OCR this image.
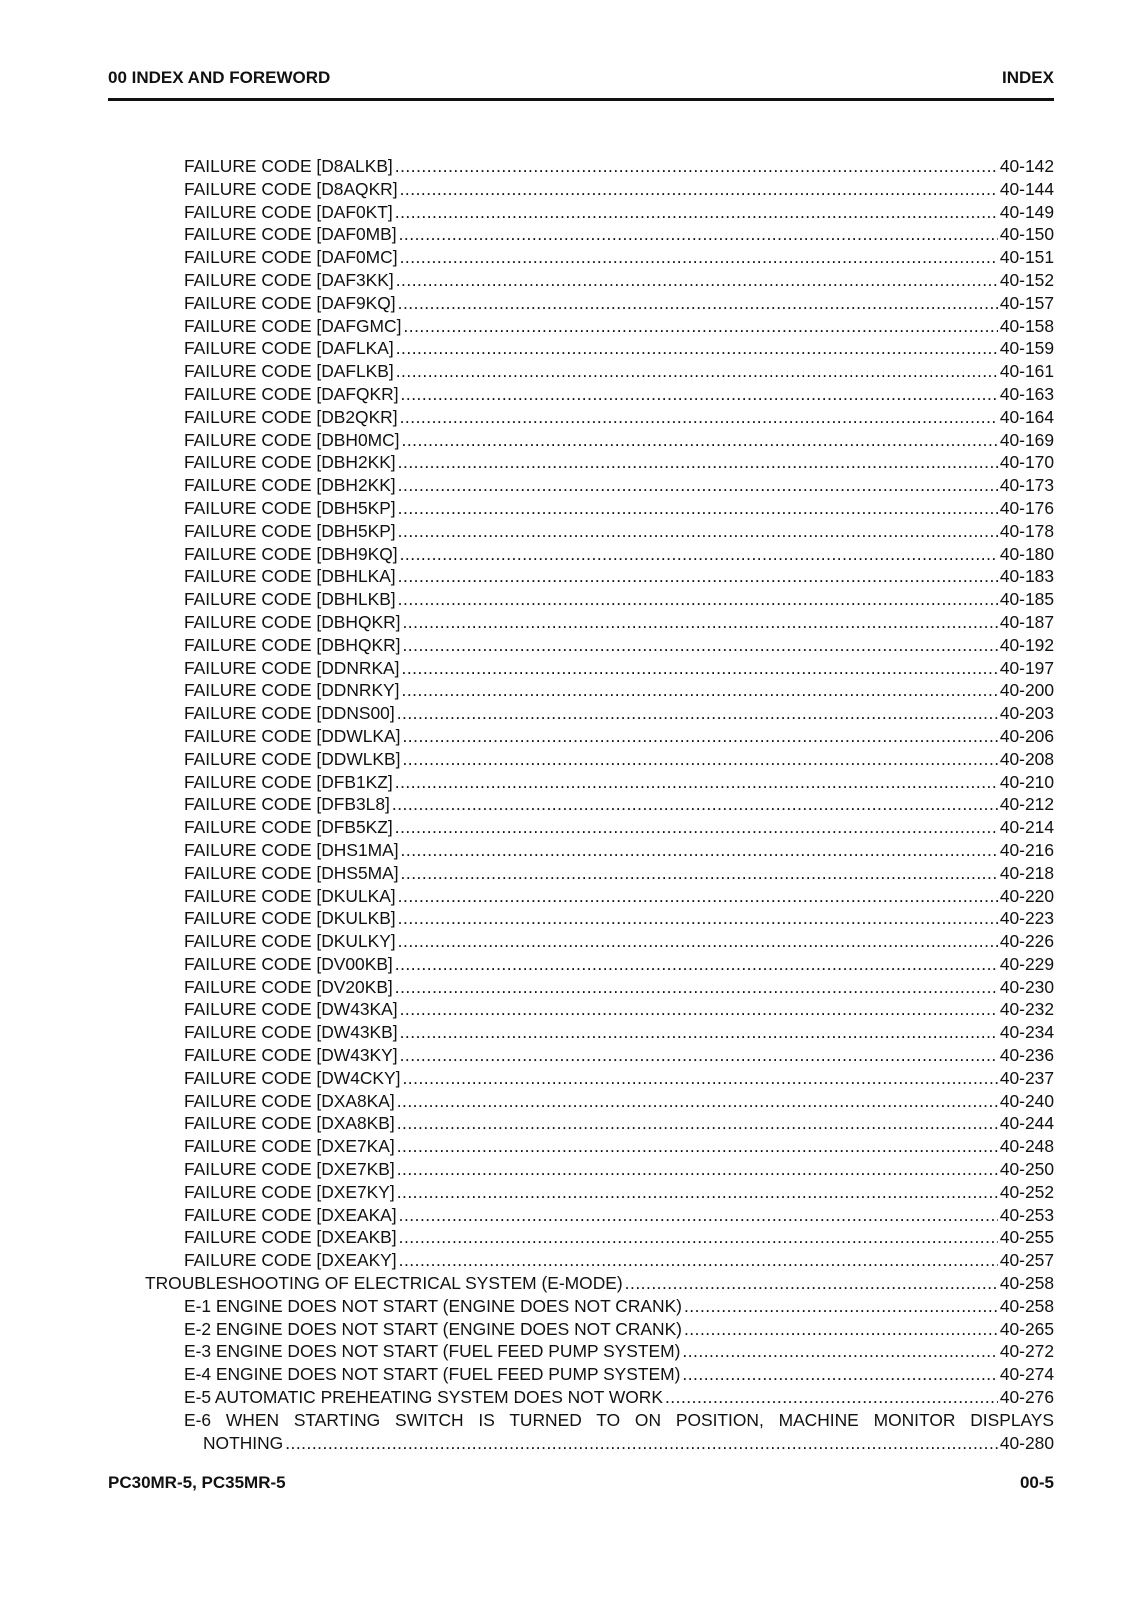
00 INDEX AND FOREWORD	INDEX
FAILURE CODE [D8ALKB] .....	40-142
FAILURE CODE [D8AQKR] .....	40-144
FAILURE CODE [DAF0KT] .....	40-149
FAILURE CODE [DAF0MB] .....	40-150
FAILURE CODE [DAF0MC] .....	40-151
FAILURE CODE [DAF3KK] .....	40-152
FAILURE CODE [DAF9KQ] .....	40-157
FAILURE CODE [DAFGMC] .....	40-158
FAILURE CODE [DAFLKA] .....	40-159
FAILURE CODE [DAFLKB] .....	40-161
FAILURE CODE [DAFQKR] .....	40-163
FAILURE CODE [DB2QKR] .....	40-164
FAILURE CODE [DBH0MC] .....	40-169
FAILURE CODE [DBH2KK] .....	40-170
FAILURE CODE [DBH2KK] .....	40-173
FAILURE CODE [DBH5KP] .....	40-176
FAILURE CODE [DBH5KP] .....	40-178
FAILURE CODE [DBH9KQ] .....	40-180
FAILURE CODE [DBHLKA] .....	40-183
FAILURE CODE [DBHLKB] .....	40-185
FAILURE CODE [DBHQKR] .....	40-187
FAILURE CODE [DBHQKR] .....	40-192
FAILURE CODE [DDNRKA] .....	40-197
FAILURE CODE [DDNRKY] .....	40-200
FAILURE CODE [DDNS00] .....	40-203
FAILURE CODE [DDWLKA] .....	40-206
FAILURE CODE [DDWLKB] .....	40-208
FAILURE CODE [DFB1KZ] .....	40-210
FAILURE CODE [DFB3L8] .....	40-212
FAILURE CODE [DFB5KZ] .....	40-214
FAILURE CODE [DHS1MA] .....	40-216
FAILURE CODE [DHS5MA] .....	40-218
FAILURE CODE [DKULKA] .....	40-220
FAILURE CODE [DKULKB] .....	40-223
FAILURE CODE [DKULKY] .....	40-226
FAILURE CODE [DV00KB] .....	40-229
FAILURE CODE [DV20KB] .....	40-230
FAILURE CODE [DW43KA] .....	40-232
FAILURE CODE [DW43KB] .....	40-234
FAILURE CODE [DW43KY] .....	40-236
FAILURE CODE [DW4CKY] .....	40-237
FAILURE CODE [DXA8KA] .....	40-240
FAILURE CODE [DXA8KB] .....	40-244
FAILURE CODE [DXE7KA] .....	40-248
FAILURE CODE [DXE7KB] .....	40-250
FAILURE CODE [DXE7KY] .....	40-252
FAILURE CODE [DXEAKA] .....	40-253
FAILURE CODE [DXEAKB] .....	40-255
FAILURE CODE [DXEAKY] .....	40-257
TROUBLESHOOTING OF ELECTRICAL SYSTEM (E-MODE) .....	40-258
E-1 ENGINE DOES NOT START (ENGINE DOES NOT CRANK) .....	40-258
E-2 ENGINE DOES NOT START (ENGINE DOES NOT CRANK) .....	40-265
E-3 ENGINE DOES NOT START (FUEL FEED PUMP SYSTEM) .....	40-272
E-4 ENGINE DOES NOT START (FUEL FEED PUMP SYSTEM) .....	40-274
E-5 AUTOMATIC PREHEATING SYSTEM DOES NOT WORK .....	40-276
E-6 WHEN STARTING SWITCH IS TURNED TO ON POSITION, MACHINE MONITOR DISPLAYS
NOTHING .....	40-280
PC30MR-5, PC35MR-5	00-5
